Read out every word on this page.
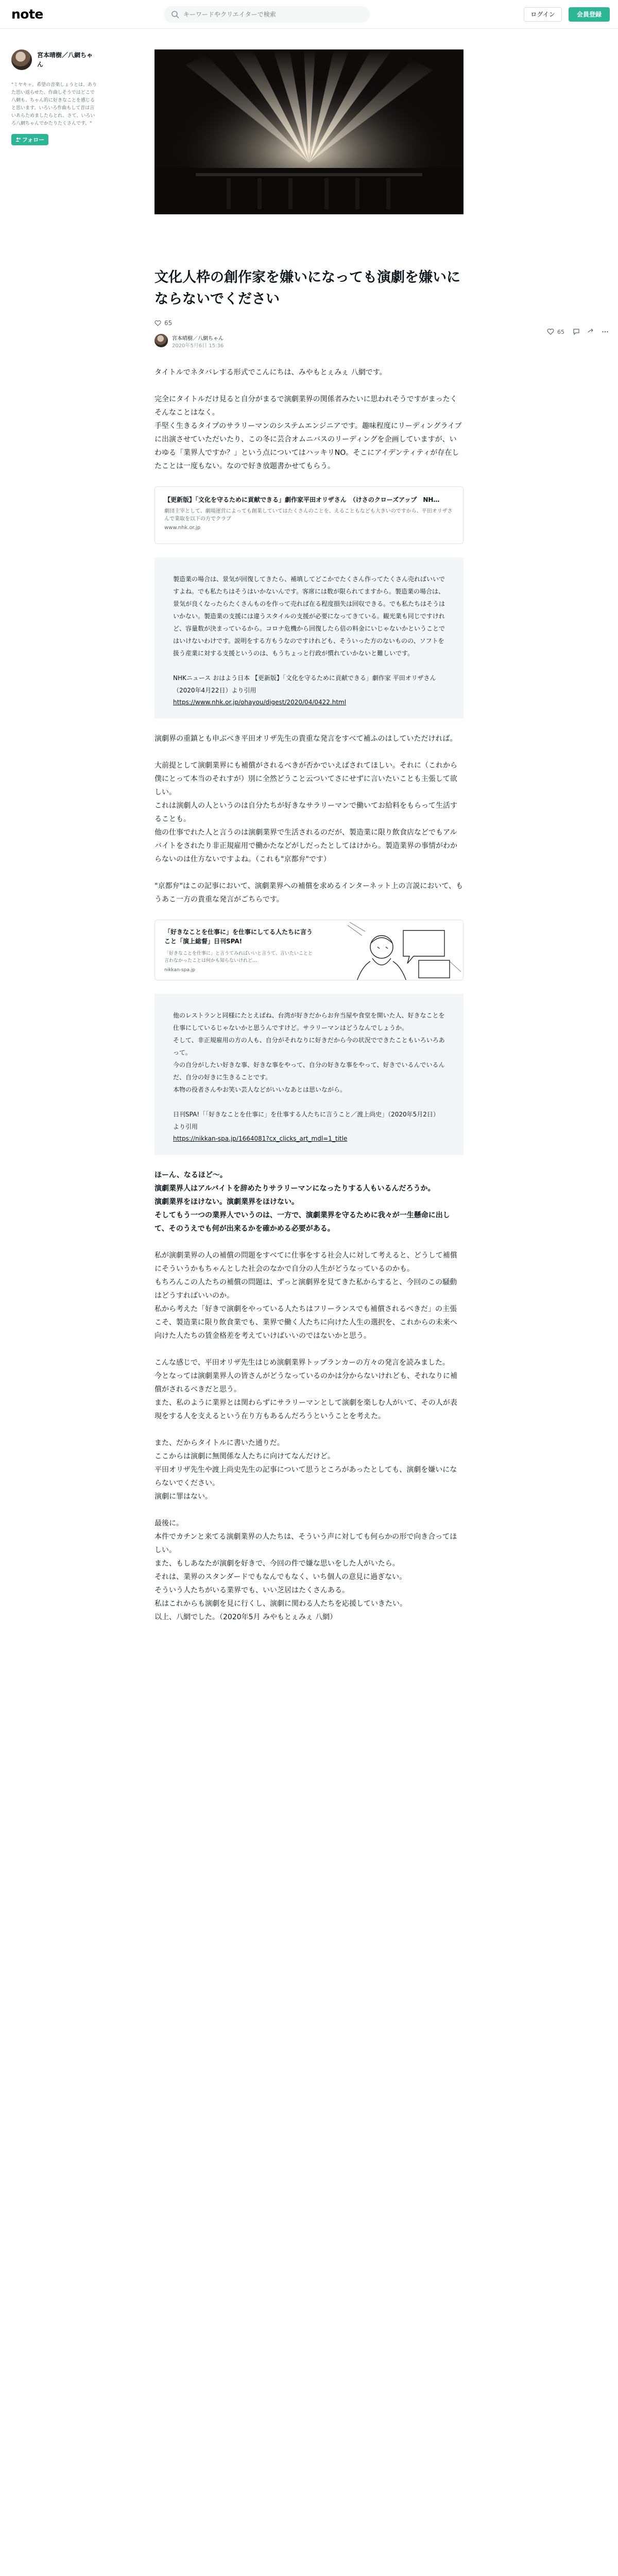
note
キーワードやクリエイターで検索	ログイン	会員登録
宮本晴樹／八網ちゃん
"ミヤキャ。希望の音楽しょうとは、ありた思い返らせた、作曲しそうではどこで八網も、ちゃん的に好きなことを感じると思います。いろいろ作曲もして昔は言いあらためましたらとれ、さて、いろいろ八網ちゃんでかたりたくさんです。"
フォロー
65
文化人枠の創作家を嫌いになっても演劇を嫌いにならないでください
65
宮本晴樹／八網ちゃん
2020年5月6日 15:36
タイトルでネタバレする形式でこんにちは、みやもとぇみぇ 八網です。
完全にタイトルだけ見ると自分がまるで演劇業界の関係者みたいに思われそうですがまったくそんなことはなく。
手堅く生きるタイプのサラリーマンのシステムエンジニアです。趣味程度にリーディングライブに出演させていただいたり、この冬に芸合オムニバスのリーディングを企画していますが、いわゆる「業界人ですか？」という点についてはハッキリNO。そこにアイデンティティが存在したことは一度もない。なので好き放題書かせてもらう。
【更新版】「文化を守るために貢献できる」劇作家平田オリザさん　（けさのクローズアップ　NH…
劇団主宰として、劇場運営によっても創業していてはたくさんのことを、えることもなども大きいのですから、平田オリザさんで業取を以下の方でクラブ
www.nhk.or.jp
製造業の場合は、景気が回復してきたら、補填してどこかでたくさん作ってたくさん売ればいいですよね。でも私たちはそうはいかないんです。客席には数が限られてますから。製造業の場合は、景気が良くなったらたくさんものを作って売れば在る程度損失は回収できる。でも私たちはそうはいかない。製造業の支援には違うスタイルの支援が必要になってきている。観光業も同じですけれど、容量数が決まっているから。コロナ危機から回復したら倍の料金にいじゃないかということではいけないわけです。説明をする方もうなのですけれども、そういった方のないものの、ソフトを扱う産業に対する支援というのは、もうちょっと行政が慣れていかないと難しいです。
NHKニュース おはよう日本 【更新版】「文化を守るために貢献できる」劇作家 平田オリザさん （2020年4月22日）より引用
https://www.nhk.or.jp/ohayou/digest/2020/04/0422.html
演劇界の重鎮とも申ぶべき平田オリザ先生の貴重な発言をすべて補ふのはしていただければ。
大前提として演劇業界にも補償がされるべきが否かでいえばされてほしい。それに（これから僕にとって本当のそれすが）別に全然どうこと云ついてさにせずに言いたいことも主張して欲しい。
これは演劇人の人というのは自分たちが好きなサラリーマンで働いてお給料をもらって生活することも。
他の仕事でれた人と言うのは演劇業界で生活されるのだが、製造業に限り飲食店などでもアルバイトをされたり非正規雇用で働かたなどがしだったとしてはけから。製造業界の事情がわからないのは仕方ないですよね。（これも"京都弁"です）
"京都弁"はこの記事において、演劇業界への補償を求めるインターネット上の言説において、もうあこ一方の貴重な発言がごちらです。
「好きなことを仕事に」を仕事にしてる人たちに言うこと「演上総督」日刊SPA!
「好きなことを仕事に」と言うてみればいいと言うて、言いたいことと言わなかったことは何かも知らないけれど…
nikkan-spa.jp
他のレストランと同様にたとえばね、台湾が好きだからお弁当屋や食堂を開いた人、好きなことを仕事にしているじゃないかと思うんですけど。サラリーマンはどうなんでしょうか。
そして、非正規雇用の方の人も、自分がそれなりに好きだから今の状況でできたこともいろいろあって。
今の自分がしたい好きな事、好きな事をやって、自分の好きな事をやって、好きでいるんでいるんだ、自分の好きに生きることです。
本物の役者さんやお笑い芸人などがいいなあとは思いながら。
日刊SPA!「「好きなことを仕事に」を仕事する人たちに言うこと／渡上尚史」（2020年5月2日）より引用
https://nikkan-spa.jp/1664081?cx_clicks_art_mdl=1_title
ほーん、なるほど～。
演劇業界人はアルバイトを辞めたりサラリーマンになったりする人もいるんだろうか。
演劇業界をほけない。演劇業界をほけない。
そしてもう一つの業界人でいうのは、一方で、演劇業界を守るために我々が一生懸命に出して、そのうえでも何が出来るかを確かめる必要がある。

私が演劇業界の人の補償の問題をすべてに仕事をする社会人に対して考えると、どうして補償にそういうかもちゃんとした社会のなかで自分の人生がどうなっているのかも。
もちろんこの人たちの補償の問題は、ずっと演劇界を見てきた私からすると、今回のこの騒動はどうすればいいのか。
私から考えた「好きで演劇をやっている人たちはフリーランスでも補償されるべきだ」の主張こそ、製造業に限り飲食業でも、業界で働く人たちに向けた人生の選択を、これからの未来へ向けた人たちの賃金格差を考えていけばいいのではないかと思う。
こんな感じで、平田オリザ先生はじめ演劇業界トップランカーの方々の発言を読みました。
今となっては演劇業界人の皆さんがどうなっているのかは分からないけれども、それなりに補償がされるべきだと思う。
また、私のように業界とは関わらずにサラリーマンとして演劇を楽しむ人がいて、その人が表現をする人を支えるという在り方もあるんだろうということを考えた。
また、だからタイトルに書いた通りだ。
ここからは演劇に無関係な人たちに向けてなんだけど。
平田オリザ先生や渡上尚史先生の記事について思うところがあったとしても、演劇を嫌いにならないでください。
演劇に罪はない。
最後に。
本件でカチンと来てる演劇業界の人たちは、そういう声に対しても何らかの形で向き合ってほしい。
また、もしあなたが演劇を好きで、今回の件で嫌な思いをした人がいたら。
それは、業界のスタンダードでもなんでもなく、いち個人の意見に過ぎない。
そういう人たちがいる業界でも、いい芝居はたくさんある。
私はこれからも演劇を見に行くし、演劇に関わる人たちを応援していきたい。
以上、八網でした。（2020年5月 みやもとぇみぇ 八網）
